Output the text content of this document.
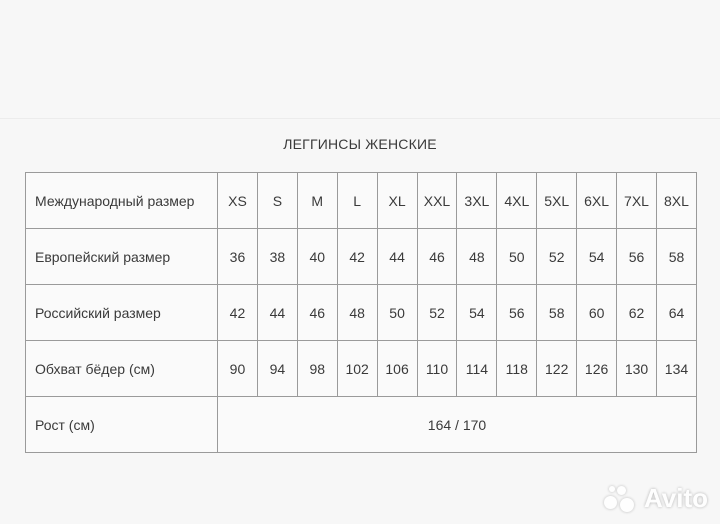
ЛЕГГИНСЫ ЖЕНСКИЕ
Международный размер	XS	S	M	L	XL	XXL	3XL	4XL	5XL	6XL	7XL	8XL
Европейский размер	36	38	40	42	44	46	48	50	52	54	56	58
Российский размер	42	44	46	48	50	52	54	56	58	60	62	64
Обхват бёдер (см)	90	94	98	102	106	110	114	118	122	126	130	134
Рост (см)	164 / 170											
Avito
